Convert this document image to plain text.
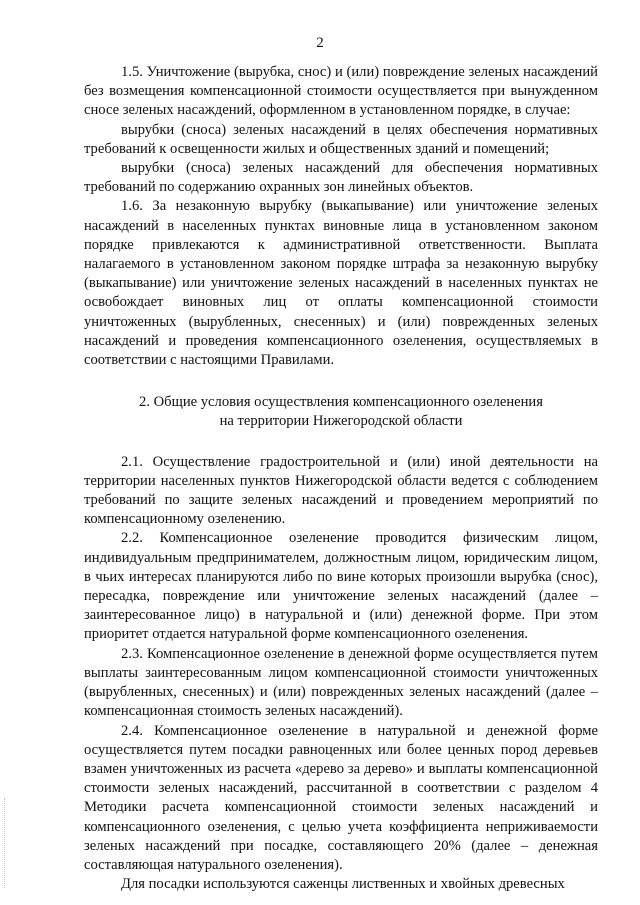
2

1.5. Уничтожение (вырубка, снос) и (или) повреждение зеленых насаждений без возмещения компенсационной стоимости осуществляется при вынужденном сносе зеленых насаждений, оформленном в установленном порядке, в случае:

вырубки (сноса) зеленых насаждений в целях обеспечения нормативных требований к освещенности жилых и общественных зданий и помещений;

вырубки (сноса) зеленых насаждений для обеспечения нормативных требований по содержанию охранных зон линейных объектов.

1.6. За незаконную вырубку (выкапывание) или уничтожение зеленых насаждений в населенных пунктах виновные лица в установленном законом порядке привлекаются к административной ответственности. Выплата налагаемого в установленном законом порядке штрафа за незаконную вырубку (выкапывание) или уничтожение зеленых насаждений в населенных пунктах не освобождает виновных лиц от оплаты компенсационной стоимости уничтоженных (вырубленных, снесенных) и (или) поврежденных зеленых насаждений и проведения компенсационного озеленения, осуществляемых в соответствии с настоящими Правилами.

2. Общие условия осуществления компенсационного озеленения
на территории Нижегородской области

2.1. Осуществление градостроительной и (или) иной деятельности на территории населенных пунктов Нижегородской области ведется с соблюдением требований по защите зеленых насаждений и проведением мероприятий по компенсационному озеленению.

2.2. Компенсационное озеленение проводится физическим лицом, индивидуальным предпринимателем, должностным лицом, юридическим лицом, в чьих интересах планируются либо по вине которых произошли вырубка (снос), пересадка, повреждение или уничтожение зеленых насаждений (далее – заинтересованное лицо) в натуральной и (или) денежной форме. При этом приоритет отдается натуральной форме компенсационного озеленения.

2.3. Компенсационное озеленение в денежной форме осуществляется путем выплаты заинтересованным лицом компенсационной стоимости уничтоженных (вырубленных, снесенных) и (или) поврежденных зеленых насаждений (далее – компенсационная стоимость зеленых насаждений).

2.4. Компенсационное озеленение в натуральной и денежной форме осуществляется путем посадки равноценных или более ценных пород деревьев взамен уничтоженных из расчета «дерево за дерево» и выплаты компенсационной стоимости зеленых насаждений, рассчитанной в соответствии с разделом 4 Методики расчета компенсационной стоимости зеленых насаждений и компенсационного озеленения, с целью учета коэффициента неприживаемости зеленых насаждений при посадке, составляющего 20% (далее – денежная составляющая натурального озеленения).

Для посадки используются саженцы лиственных и хвойных древесных
